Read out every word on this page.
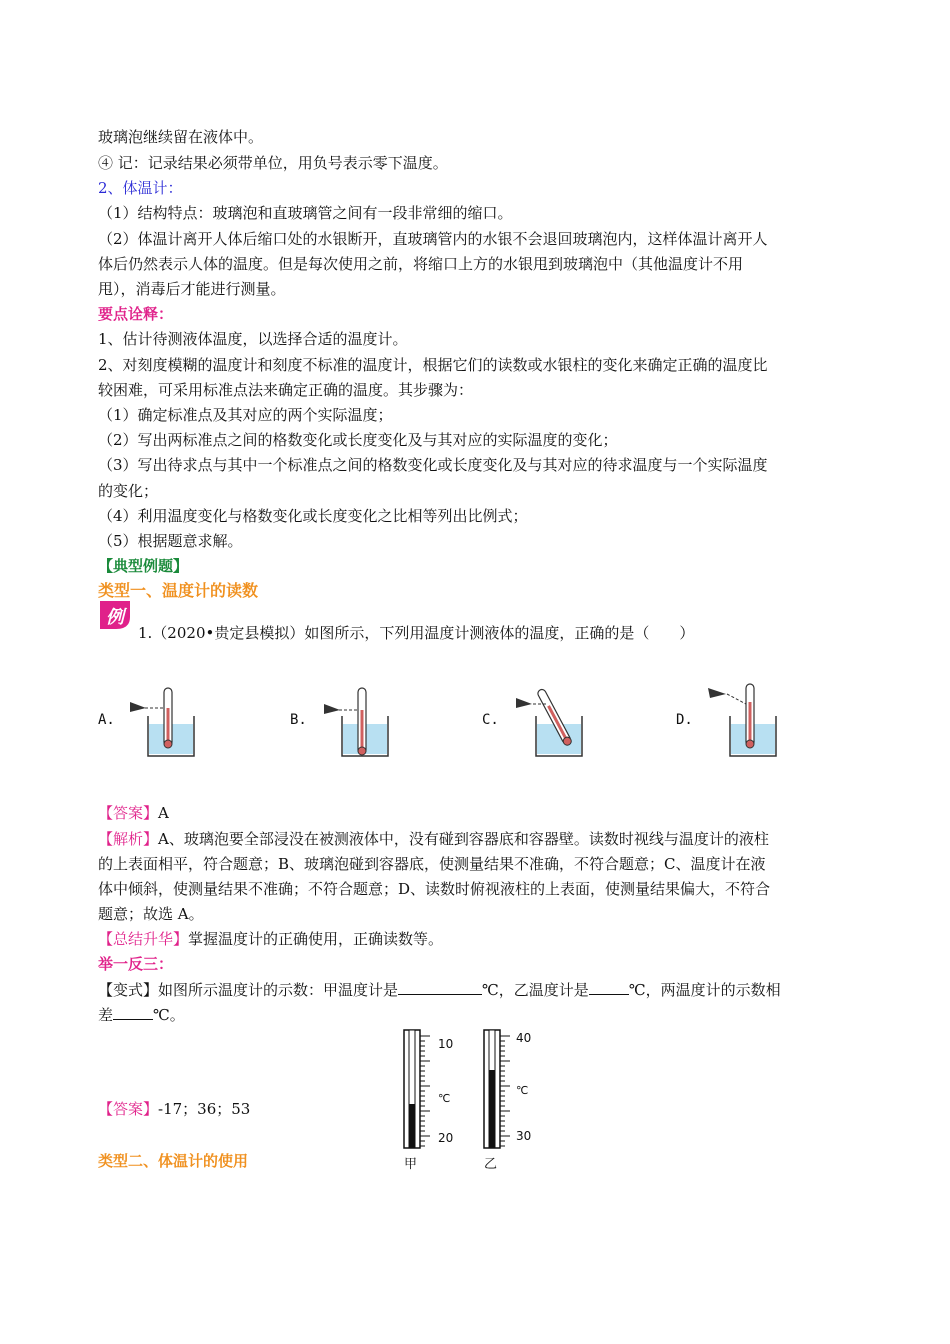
玻璃泡继续留在液体中。
④ 记：记录结果必须带单位，用负号表示零下温度。
2、体温计：
（1）结构特点：玻璃泡和直玻璃管之间有一段非常细的缩口。
（2）体温计离开人体后缩口处的水银断开，直玻璃管内的水银不会退回玻璃泡内，这样体温计离开人
体后仍然表示人体的温度。但是每次使用之前，将缩口上方的水银甩到玻璃泡中（其他温度计不用
甩），消毒后才能进行测量。
要点诠释：
1、估计待测液体温度，以选择合适的温度计。
2、对刻度模糊的温度计和刻度不标准的温度计，根据它们的读数或水银柱的变化来确定正确的温度比
较困难，可采用标准点法来确定正确的温度。其步骤为：
（1）确定标准点及其对应的两个实际温度；
（2）写出两标准点之间的格数变化或长度变化及与其对应的实际温度的变化；
（3）写出待求点与其中一个标准点之间的格数变化或长度变化及与其对应的待求温度与一个实际温度
的变化；
（4）利用温度变化与格数变化或长度变化之比相等列出比例式；
（5）根据题意求解。
【典型例题】
类型一、温度计的读数
例
1.（2020•贵定县模拟）如图所示，下列用温度计测液体的温度，正确的是（　　）
A.	B.	C.	D.
【答案】A
【解析】A、玻璃泡要全部浸没在被测液体中，没有碰到容器底和容器壁。读数时视线与温度计的液柱
的上表面相平，符合题意；B、玻璃泡碰到容器底，使测量结果不准确，不符合题意；C、温度计在液
体中倾斜，使测量结果不准确；不符合题意；D、读数时俯视液柱的上表面，使测量结果偏大，不符合
题意；故选 A。
【总结升华】掌握温度计的正确使用，正确读数等。
举一反三：
【变式】如图所示温度计的示数：甲温度计是	℃，乙温度计是	℃，两温度计的示数相
差	℃。
10
℃
20
甲
40
℃
30
乙
【答案】-17；36；53
类型二、体温计的使用
